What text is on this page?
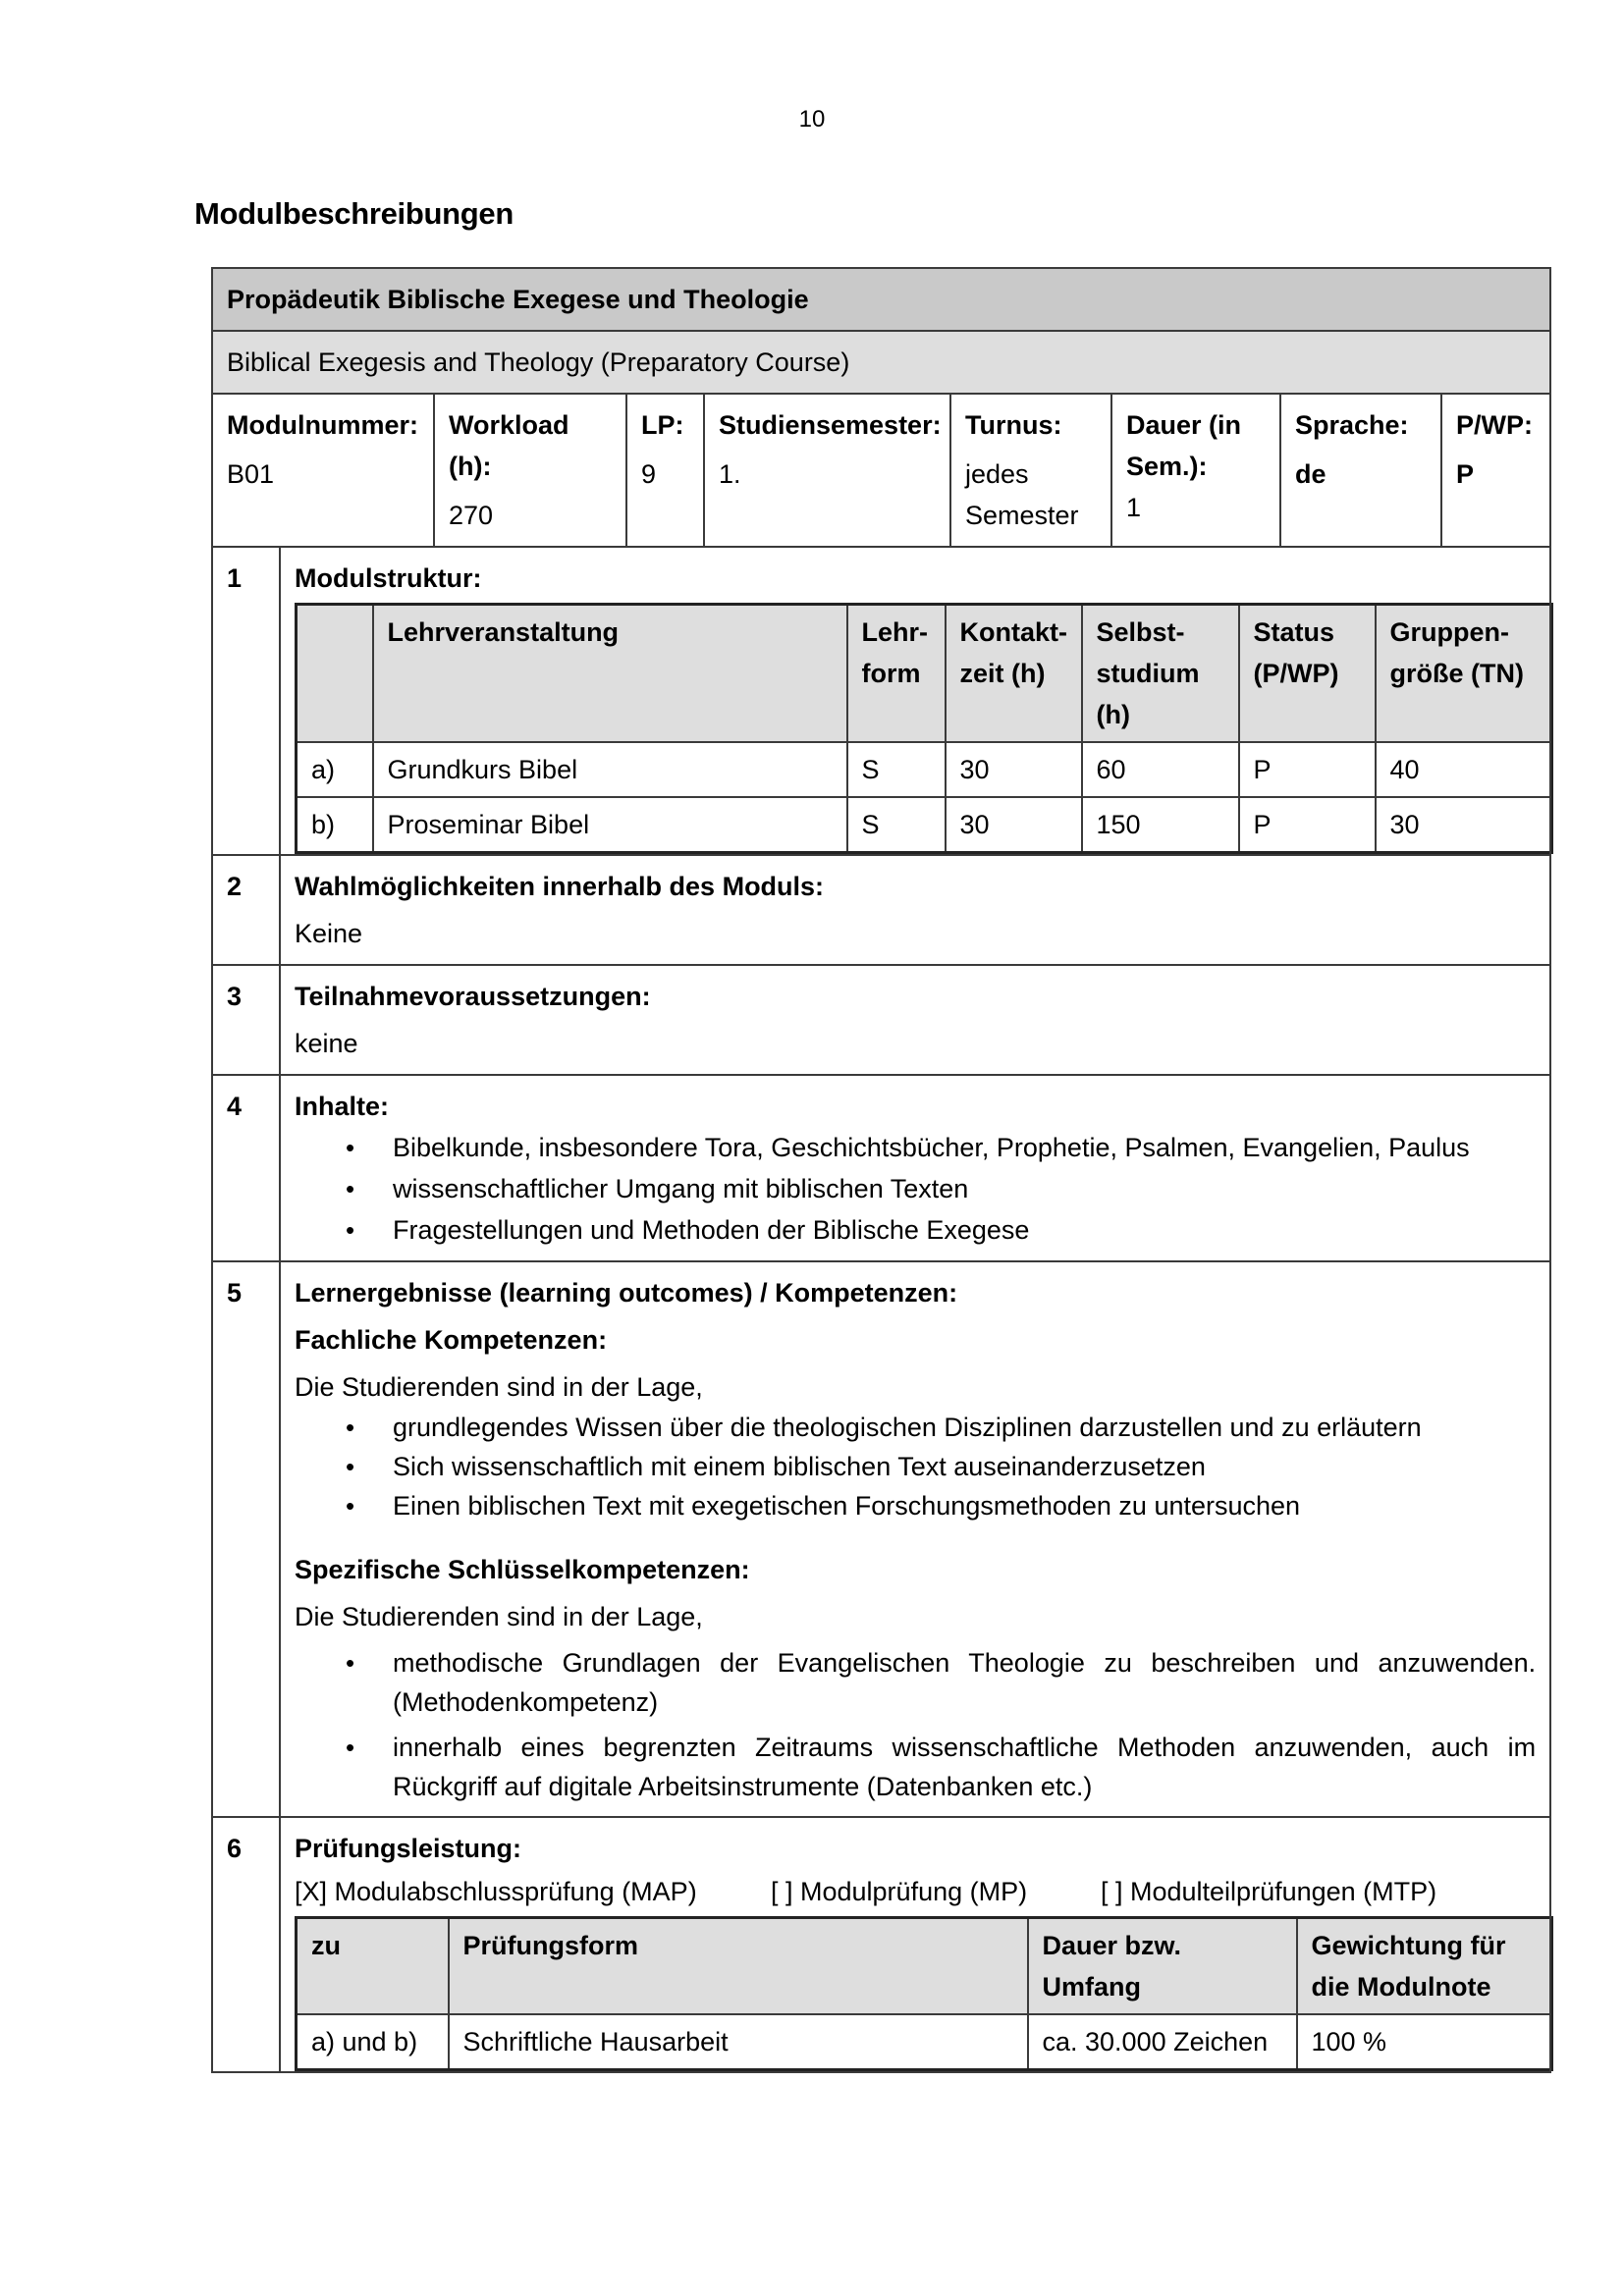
10
Modulbeschreibungen
Propädeutik Biblische Exegese und Theologie
Biblical Exegesis and Theology (Preparatory Course)

Modulnummer:
B01

Workload (h):
270

LP:
9

Studiensemester:
1.

Turnus:
jedes Semester

Dauer (in Sem.):
1

Sprache:
de

P/WP:
P

1	Modulstruktur:
	Lehrveranstaltung	Lehr-form	Kontakt-zeit (h)	Selbst-studium (h)	Status (P/WP)	Gruppen-größe (TN)
a)	Grundkurs Bibel	S	30	60	P	40
b)	Proseminar Bibel	S	30	150	P	30

2	Wahlmöglichkeiten innerhalb des Moduls:
Keine

3	Teilnahmevoraussetzungen:
keine

4	Inhalte:
• Bibelkunde, insbesondere Tora, Geschichtsbücher, Prophetie, Psalmen, Evangelien, Paulus
• wissenschaftlicher Umgang mit biblischen Texten
• Fragestellungen und Methoden der Biblische Exegese

5	Lernergebnisse (learning outcomes) / Kompetenzen:
Fachliche Kompetenzen:
Die Studierenden sind in der Lage,
• grundlegendes Wissen über die theologischen Disziplinen darzustellen und zu erläutern
• Sich wissenschaftlich mit einem biblischen Text auseinanderzusetzen
• Einen biblischen Text mit exegetischen Forschungsmethoden zu untersuchen
Spezifische Schlüsselkompetenzen:
Die Studierenden sind in der Lage,
• methodische Grundlagen der Evangelischen Theologie zu beschreiben und anzuwenden. (Methodenkompetenz)
• innerhalb eines begrenzten Zeitraums wissenschaftliche Methoden anzuwenden, auch im Rückgriff auf digitale Arbeitsinstrumente (Datenbanken etc.)

6	Prüfungsleistung:
[X] Modulabschlussprüfung (MAP)	[ ] Modulprüfung (MP)	[ ] Modulteilprüfungen (MTP)
zu	Prüfungsform	Dauer bzw. Umfang	Gewichtung für die Modulnote
a) und b)	Schriftliche Hausarbeit	ca. 30.000 Zeichen	100 %
